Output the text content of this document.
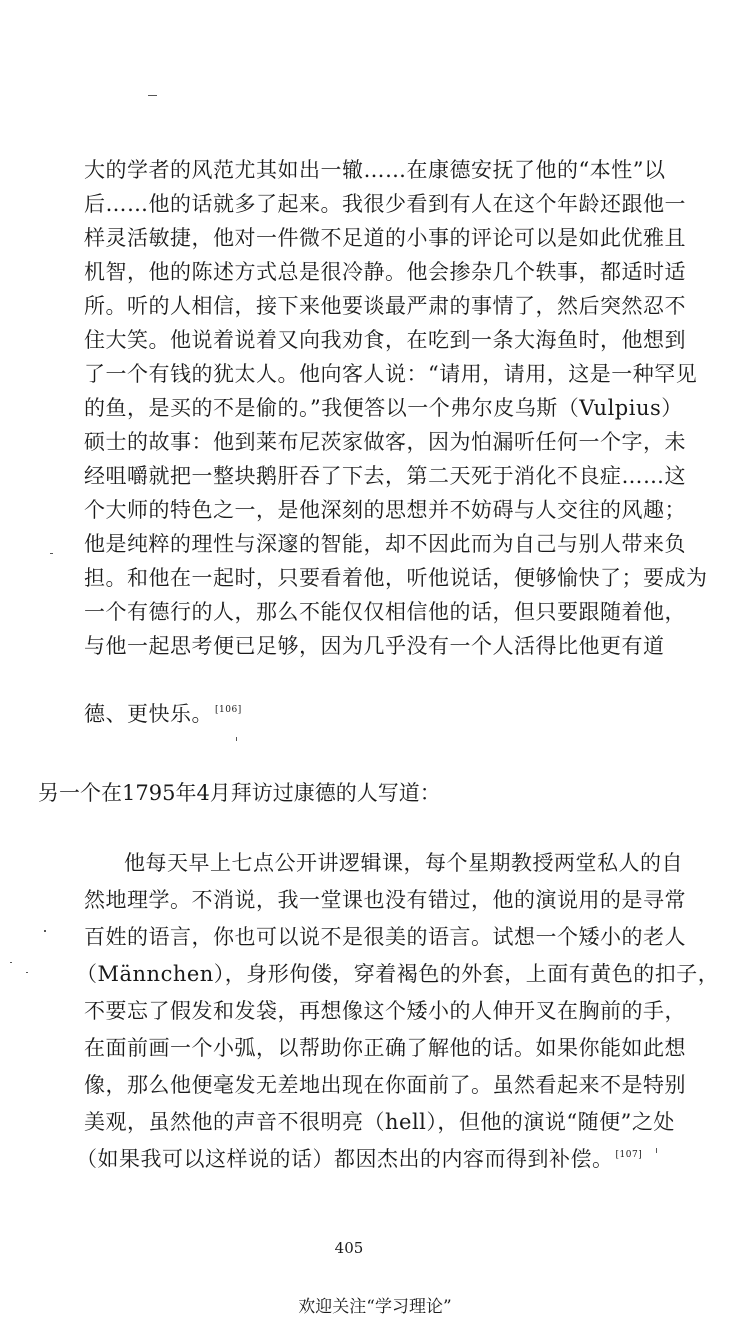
大的学者的风范尤其如出一辙……在康德安抚了他的“本性”以
后……他的话就多了起来。我很少看到有人在这个年龄还跟他一
样灵活敏捷，他对一件微不足道的小事的评论可以是如此优雅且
机智，他的陈述方式总是很冷静。他会掺杂几个轶事，都适时适
所。听的人相信，接下来他要谈最严肃的事情了，然后突然忍不
住大笑。他说着说着又向我劝食，在吃到一条大海鱼时，他想到
了一个有钱的犹太人。他向客人说：“请用，请用，这是一种罕见
的鱼，是买的不是偷的。”我便答以一个弗尔皮乌斯（Vulpius）
硕士的故事：他到莱布尼茨家做客，因为怕漏听任何一个字，未
经咀嚼就把一整块鹅肝吞了下去，第二天死于消化不良症……这
个大师的特色之一，是他深刻的思想并不妨碍与人交往的风趣；
他是纯粹的理性与深邃的智能，却不因此而为自己与别人带来负
担。和他在一起时，只要看着他，听他说话，便够愉快了；要成为
一个有德行的人，那么不能仅仅相信他的话，但只要跟随着他，
与他一起思考便已足够，因为几乎没有一个人活得比他更有道
德、更快乐。 [106]
另一个在1795年4月拜访过康德的人写道：
他每天早上七点公开讲逻辑课，每个星期教授两堂私人的自
然地理学。不消说，我一堂课也没有错过，他的演说用的是寻常
百姓的语言，你也可以说不是很美的语言。试想一个矮小的老人
（Männchen），身形佝偻，穿着褐色的外套，上面有黄色的扣子，
不要忘了假发和发袋，再想像这个矮小的人伸开叉在胸前的手，
在面前画一个小弧，以帮助你正确了解他的话。如果你能如此想
像，那么他便毫发无差地出现在你面前了。虽然看起来不是特别
美观，虽然他的声音不很明亮（hell），但他的演说“随便”之处
（如果我可以这样说的话）都因杰出的内容而得到补偿。 [107]
405
欢迎关注“学习理论”
